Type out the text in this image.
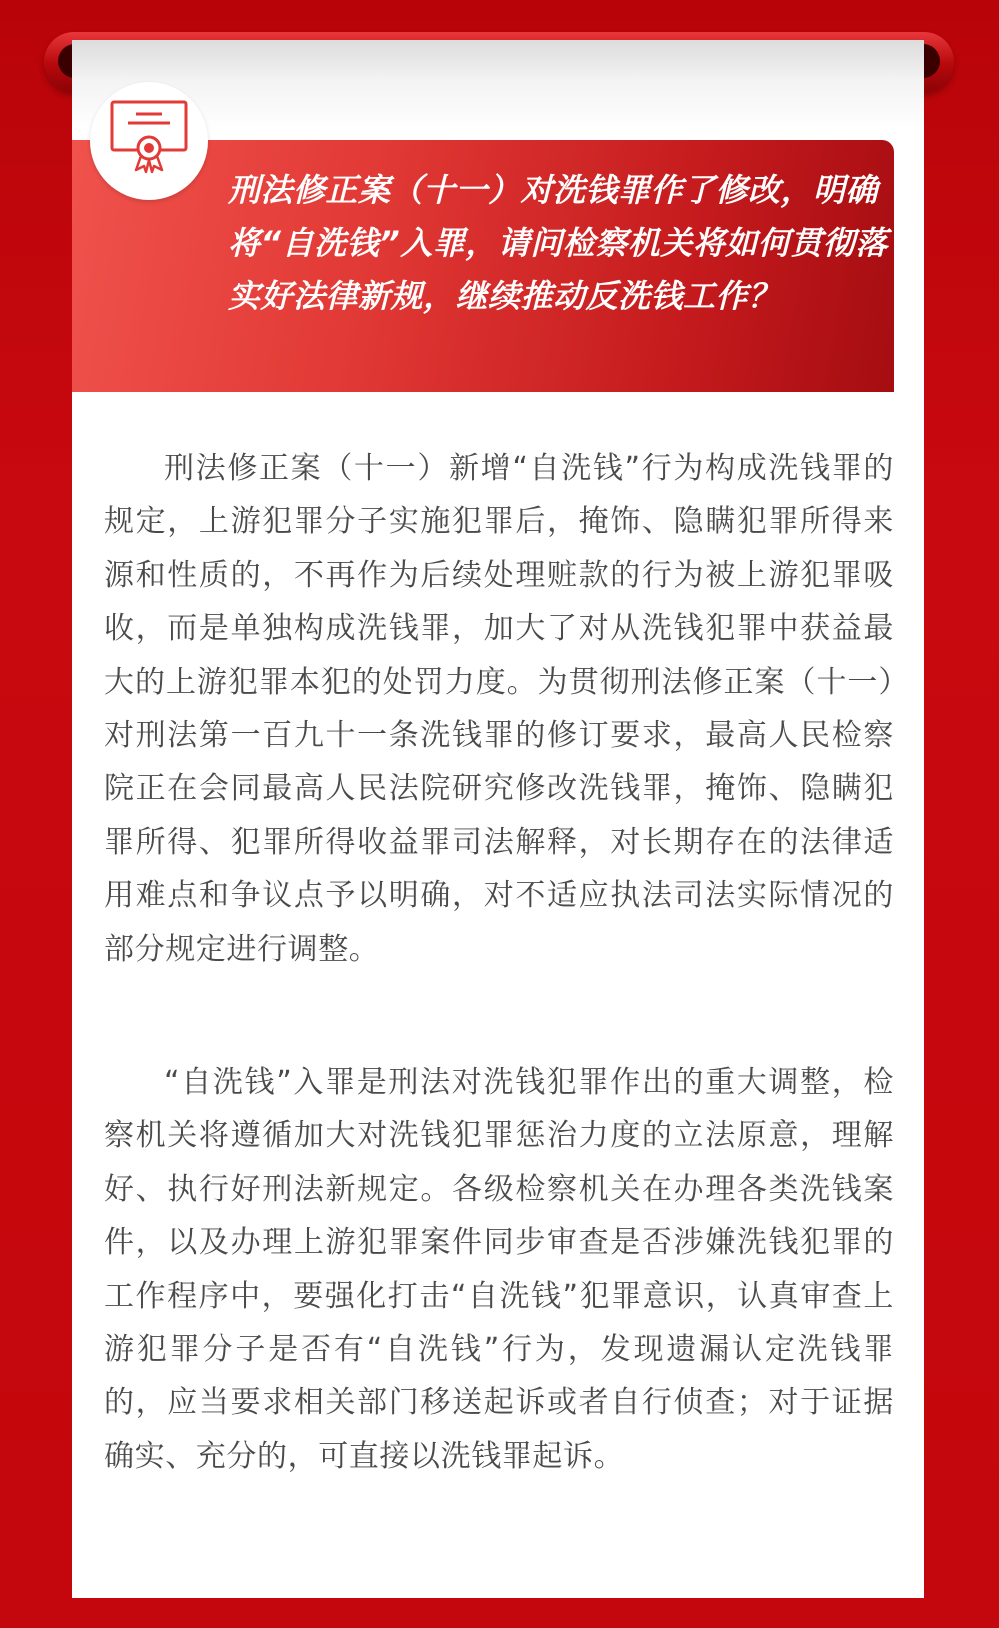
刑法修正案（十一）对洗钱罪作了修改，明确将“自洗钱”入罪，请问检察机关将如何贯彻落实好法律新规，继续推动反洗钱工作？

刑法修正案（十一）新增“自洗钱”行为构成洗钱罪的规定，上游犯罪分子实施犯罪后，掩饰、隐瞒犯罪所得来源和性质的，不再作为后续处理赃款的行为被上游犯罪吸收，而是单独构成洗钱罪，加大了对从洗钱犯罪中获益最大的上游犯罪本犯的处罚力度。为贯彻刑法修正案（十一）对刑法第一百九十一条洗钱罪的修订要求，最高人民检察院正在会同最高人民法院研究修改洗钱罪，掩饰、隐瞒犯罪所得、犯罪所得收益罪司法解释，对长期存在的法律适用难点和争议点予以明确，对不适应执法司法实际情况的部分规定进行调整。

“自洗钱”入罪是刑法对洗钱犯罪作出的重大调整，检察机关将遵循加大对洗钱犯罪惩治力度的立法原意，理解好、执行好刑法新规定。各级检察机关在办理各类洗钱案件，以及办理上游犯罪案件同步审查是否涉嫌洗钱犯罪的工作程序中，要强化打击“自洗钱”犯罪意识，认真审查上游犯罪分子是否有“自洗钱”行为，发现遗漏认定洗钱罪的，应当要求相关部门移送起诉或者自行侦查；对于证据确实、充分的，可直接以洗钱罪起诉。
